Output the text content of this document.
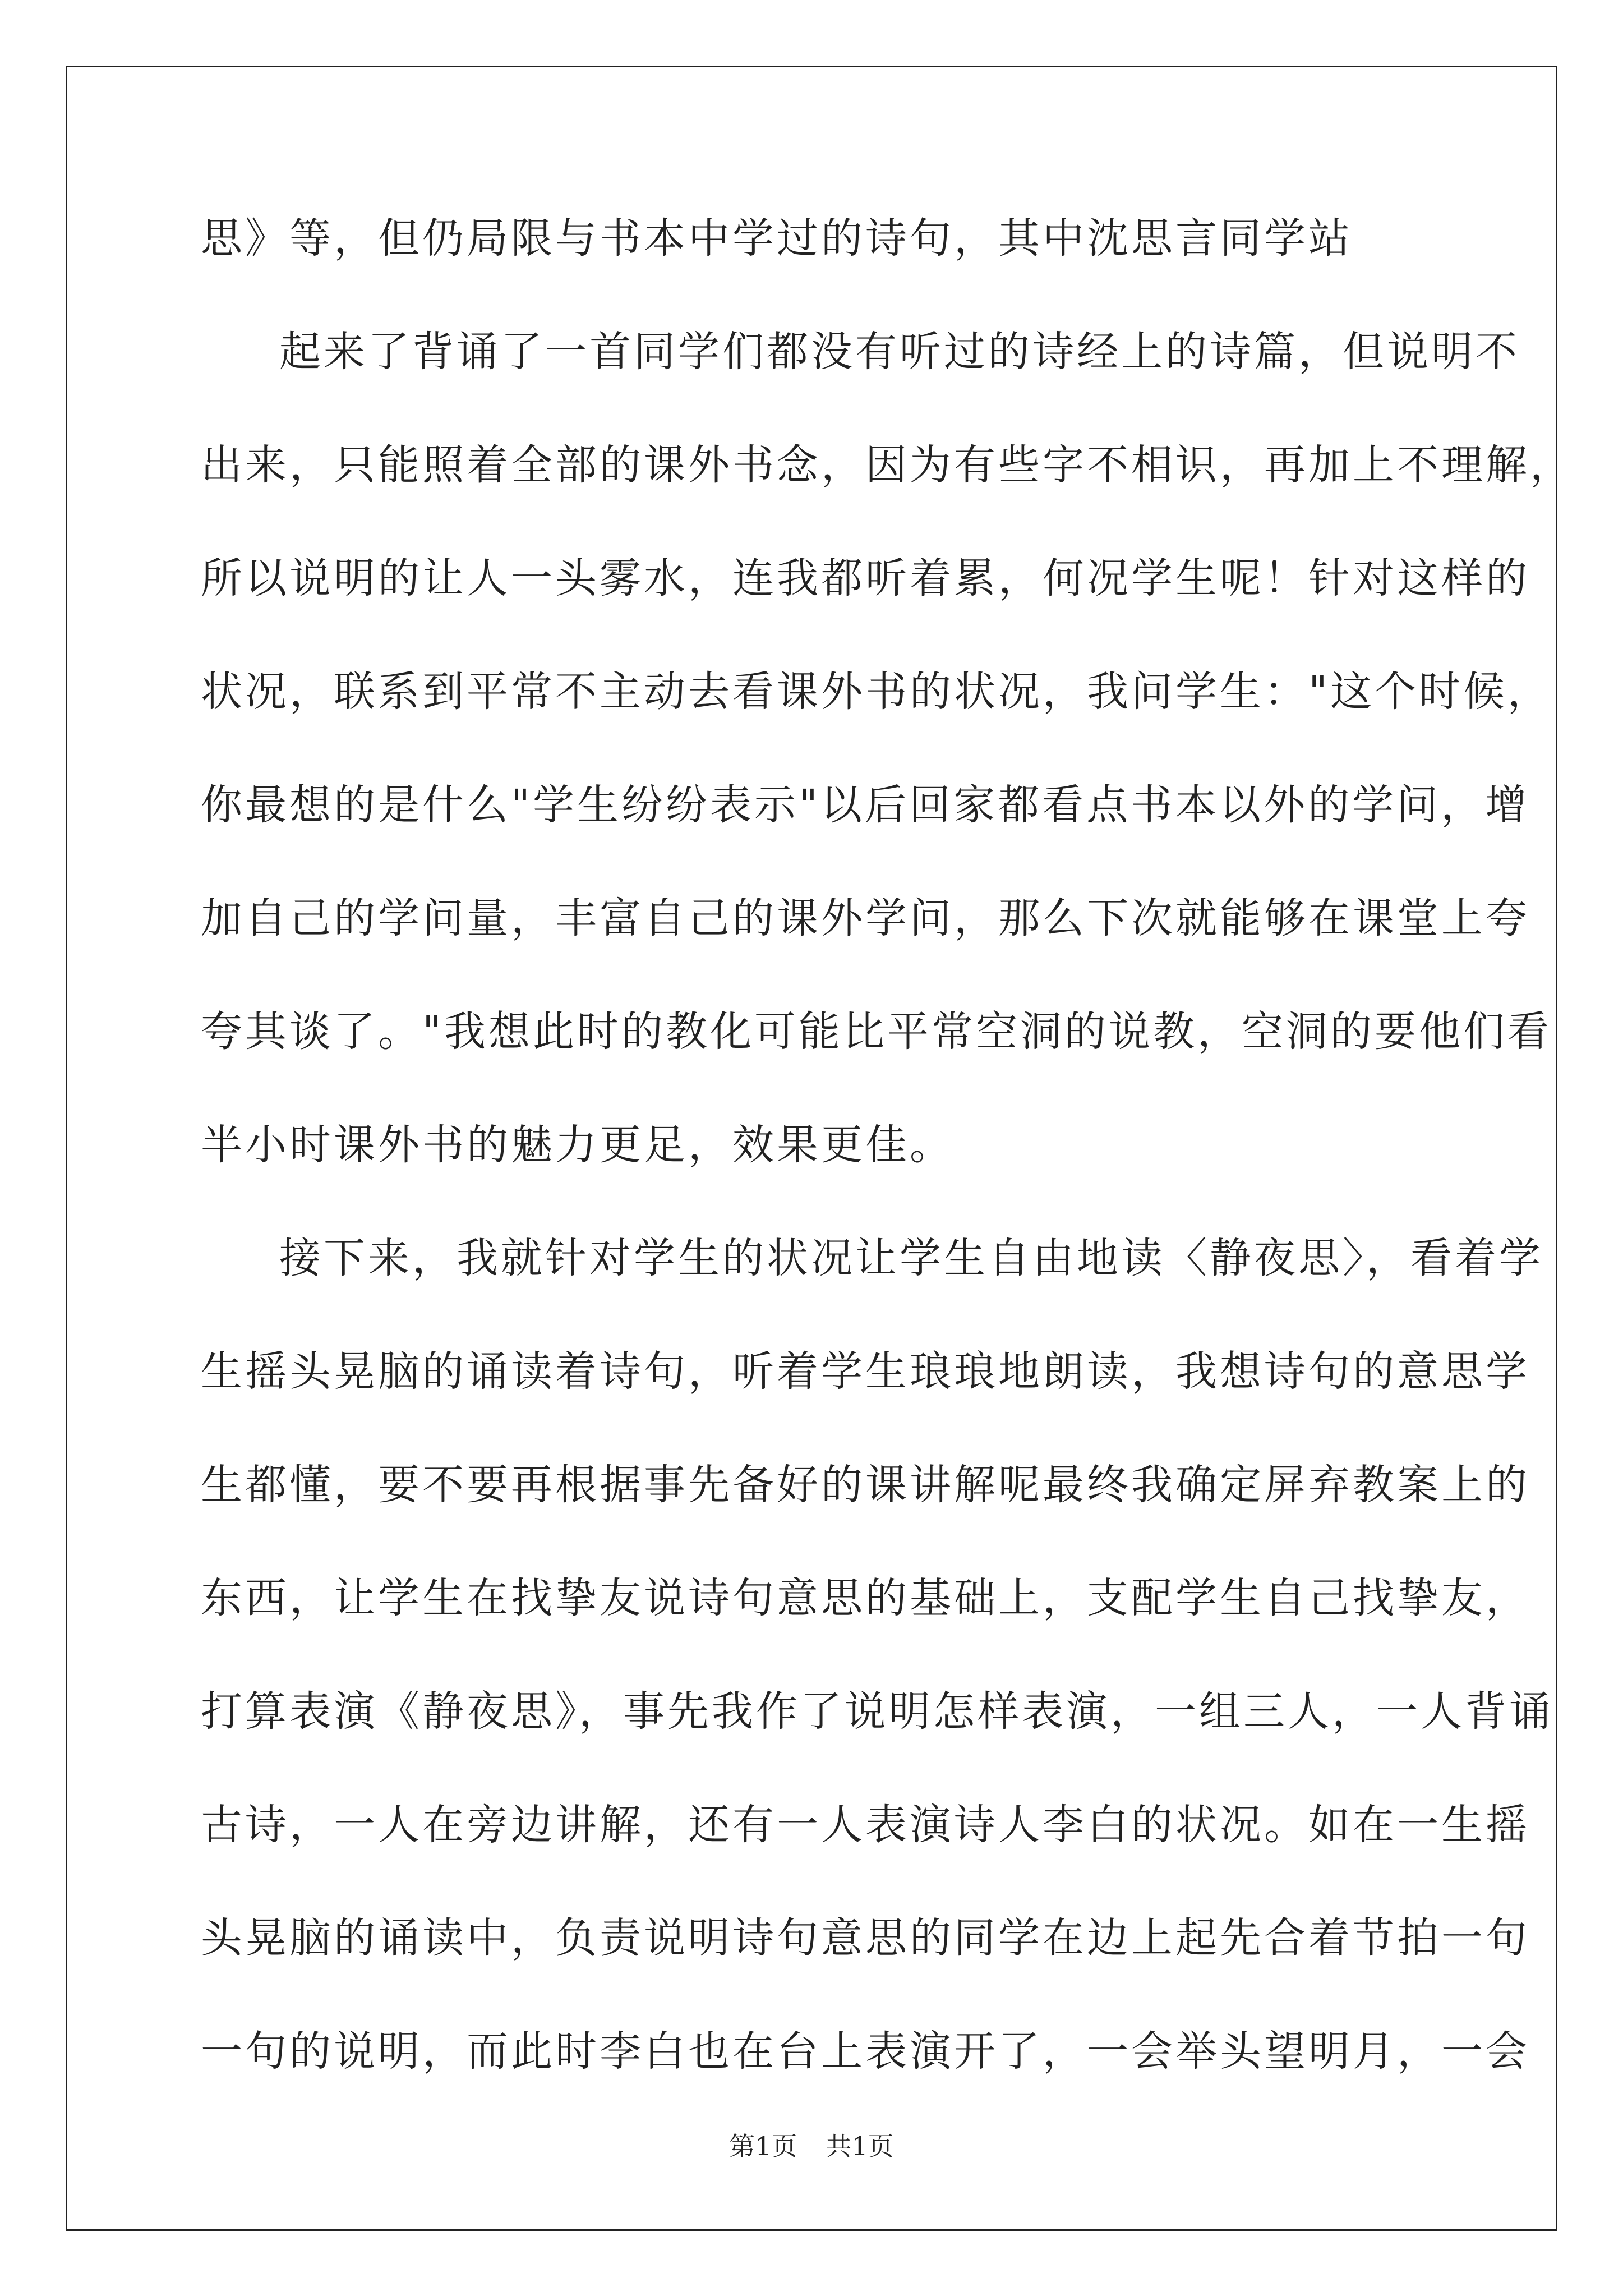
思》等，但仍局限与书本中学过的诗句，其中沈思言同学站
起来了背诵了一首同学们都没有听过的诗经上的诗篇，但说明不
出来，只能照着全部的课外书念，因为有些字不相识，再加上不理解，
所以说明的让人一头雾水，连我都听着累，何况学生呢！针对这样的
状况，联系到平常不主动去看课外书的状况，我问学生："这个时候，
你最想的是什么"学生纷纷表示"以后回家都看点书本以外的学问，增
加自己的学问量，丰富自己的课外学问，那么下次就能够在课堂上夸
夸其谈了。"我想此时的教化可能比平常空洞的说教，空洞的要他们看
半小时课外书的魅力更足，效果更佳。
接下来，我就针对学生的状况让学生自由地读〈静夜思〉，看着学
生摇头晃脑的诵读着诗句，听着学生琅琅地朗读，我想诗句的意思学
生都懂，要不要再根据事先备好的课讲解呢最终我确定屏弃教案上的
东西，让学生在找挚友说诗句意思的基础上，支配学生自己找挚友，
打算表演《静夜思》，事先我作了说明怎样表演，一组三人，一人背诵
古诗，一人在旁边讲解，还有一人表演诗人李白的状况。如在一生摇
头晃脑的诵读中，负责说明诗句意思的同学在边上起先合着节拍一句
一句的说明，而此时李白也在台上表演开了，一会举头望明月，一会
第1页 共1页
